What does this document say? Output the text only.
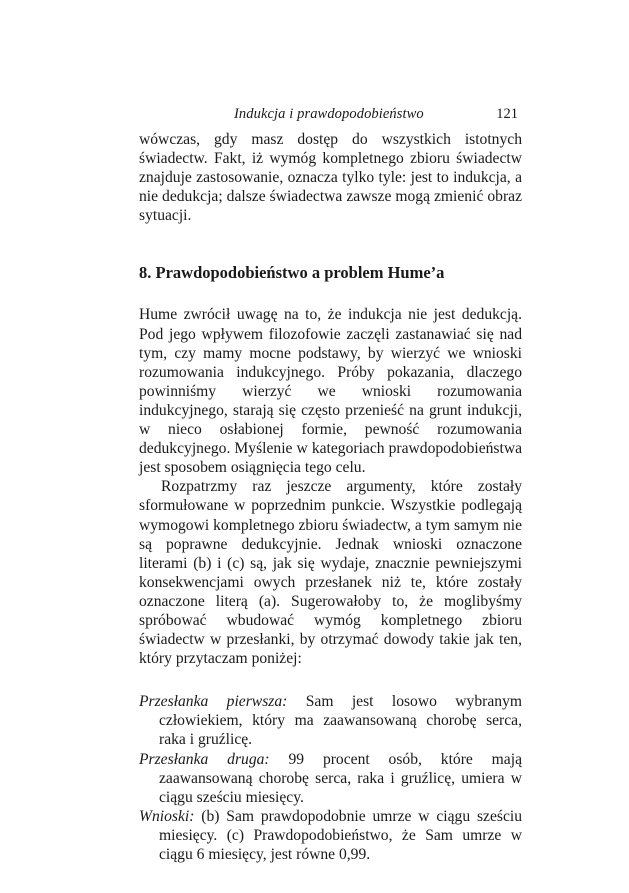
Indukcja i prawdopodobieństwo	121

wówczas, gdy masz dostęp do wszystkich istotnych świadectw. Fakt, iż wymóg kompletnego zbioru świadectw znajduje zastosowanie, oznacza tylko tyle: jest to indukcja, a nie dedukcja; dalsze świadectwa zawsze mogą zmienić obraz sytuacji.

8. Prawdopodobieństwo a problem Hume’a

Hume zwrócił uwagę na to, że indukcja nie jest dedukcją. Pod jego wpływem filozofowie zaczęli zastanawiać się nad tym, czy mamy mocne podstawy, by wierzyć we wnioski rozumowania indukcyjnego. Próby pokazania, dlaczego powinniśmy wierzyć we wnioski rozumowania indukcyjnego, starają się często przenieść na grunt indukcji, w nieco osłabionej formie, pewność rozumowania dedukcyjnego. Myślenie w kategoriach prawdopodobieństwa jest sposobem osiągnięcia tego celu.

Rozpatrzmy raz jeszcze argumenty, które zostały sformułowane w poprzednim punkcie. Wszystkie podlegają wymogowi kompletnego zbioru świadectw, a tym samym nie są poprawne dedukcyjnie. Jednak wnioski oznaczone literami (b) i (c) są, jak się wydaje, znacznie pewniejszymi konsekwencjami owych przesłanek niż te, które zostały oznaczone literą (a). Sugerowałoby to, że moglibyśmy spróbować wbudować wymóg kompletnego zbioru świadectw w przesłanki, by otrzymać dowody takie jak ten, który przytaczam poniżej:

Przesłanka pierwsza: Sam jest losowo wybranym człowiekiem, który ma zaawansowaną chorobę serca, raka i gruźlicę.

Przesłanka druga: 99 procent osób, które mają zaawansowaną chorobę serca, raka i gruźlicę, umiera w ciągu sześciu miesięcy.

Wnioski: (b) Sam prawdopodobnie umrze w ciągu sześciu miesięcy. (c) Prawdopodobieństwo, że Sam umrze w ciągu 6 miesięcy, jest równe 0,99.
